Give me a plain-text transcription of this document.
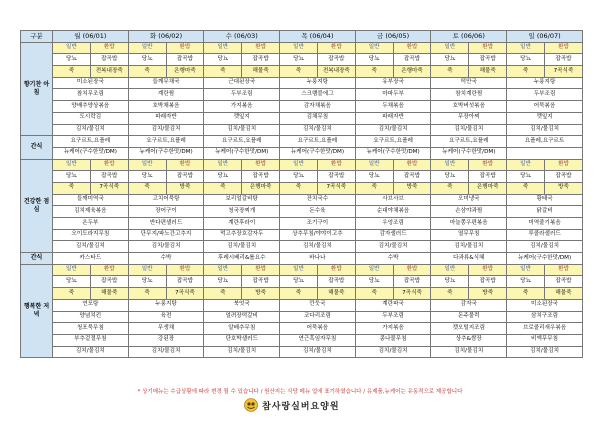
구분	월 (06/01)		화 (06/02)		수 (06/03)		목 (06/04)		금 (06/05)		토 (06/06)		일 (06/07)	
향기찬 아침	일반	환밥	일반	환밥	일반	환밥	일반	환밥	일반	환밥	일반	환밥	일반	환밥
	당뇨	잡곡밥	당뇨	잡곡밥	당뇨	잡곡밥	당뇨	잡곡밥	당뇨	잡곡밥	당뇨	잡곡밥	당뇨	잡곡밥
	죽	전복내장죽	죽	은행마죽	죽	해물죽	죽	전복내장죽	죽	은행마죽	죽	해물죽	죽	7곡식죽
	미소된장국		들깨무채국		근대된장국		누룽지탕		유부장국		떡만국		누룽지탕	
	참치무조림		계란찜		두부조림		스크램블에그		마파두부		참치계란찜		두부조림	
	양배추양상볶음		호박채볶음		가지볶음		감자채볶음		두채볶음		호박버섯볶음		어묵볶음	
	도시락김		파래자반		깻잎지		김채무침		파래자반		무장아찌		깻잎지	
	김치/물김치		김치/물김치		김치/물김치		김치/물김치		김치/물김치		김치/물김치		김치/물김치	
간식	요구르트,요플레		요구르트,요플레		요구르트,요플레		요구르트,요플레		요구르트,요플레		요구르트,요플레		요플레,요구르트	
	뉴케어(구수한맛/DM)		뉴케어(구수한맛/DM)		뉴케어(구수한맛/DM)		뉴케어(구수한맛/DM)		뉴케어(구수한맛/DM)		뉴케어(구수한맛/DM)			
건강한 점심	일반	환밥	일반	환밥	일반	환밥	일반	환밥	일반	환밥	일반	환밥	일반	환밥
	당뇨	잡곡밥	당뇨	잡곡밥	당뇨	잡곡밥	당뇨	잡곡밥	당뇨	잡곡밥	당뇨	잡곡밥	당뇨	잡곡밥
	죽	7곡식죽	죽	방죽	죽	은행마죽	죽	7곡식죽	죽	방죽	죽	은행마죽	죽	방죽
	들깨미역국		고치어묵탕		보리얼갈비탕		잔치국수		사브사브		오미냉국		황태국	
	김치제육볶음		장어구이		청국장찌개		돈수육		순대야채볶음		손삼야과찜		닭갈비	
	온두부		반다편샐러드		계란후라이		조기구이		우엉조림		마늘쫑우편볶음		미역줄기볶음	
	오이도라지무침		단무지/파노간고추지		먹고추장호감자두		상추무침/야야이고추		감자샐러드		열무무침		루콜라샐러드	
	김치/물김치		김치/물김치		김치/물김치		김치/물김치		김치/물김치		김치/물김치		김치/물김치	
간식	카스타드		수박		후레시베리&롤요수		바나나		수박		다과류&식혜		뉴케어(구수한맛/DM)	
행복한 저녁	일반	환밥	일반	환밥	일반	환밥	일반	환밥	일반	환밥	일반	환밥	일반	환밥
	당뇨	잡곡밥	당뇨	잡곡밥	당뇨	잡곡밥	당뇨	잡곡밥	당뇨	잡곡밥	당뇨	잡곡밥	당뇨	잡곡밥
	죽	해물죽	죽	7곡식죽	죽	방죽	죽	해물죽	죽	7곡식죽	죽	방죽	죽	해물죽
	연포탕		누룽지탕		북엇국		깐둣국		계란파국		감자국		미소된장국	
	양념치킨		육전		얼려장떡갈비		코다리조림		두부조림		돈주물럭		삼치구조림	
	청포묵무침		무생채		알배추무침		어묵볶음		가지볶음		캣오털지조림		브로콜리새우볶음	
	부추겉절무침		강된장		단호박샐러드		연근흑임자무침		콩나물무침		상추&쌈장		비엑무무침	
	김치/물김치		김치/물김치		김치/물김치		김치/물김치		김치/물김치		김치/물김치		김치/물김치	
* 상기메뉴는 수급상황에 따라 변경 될 수 있습니다 / 원산지는 식당 메뉴 업에 표기하였습니다 / 유제품,뉴케어는 유동적으로 제공합니다
참사랑실버요양원
